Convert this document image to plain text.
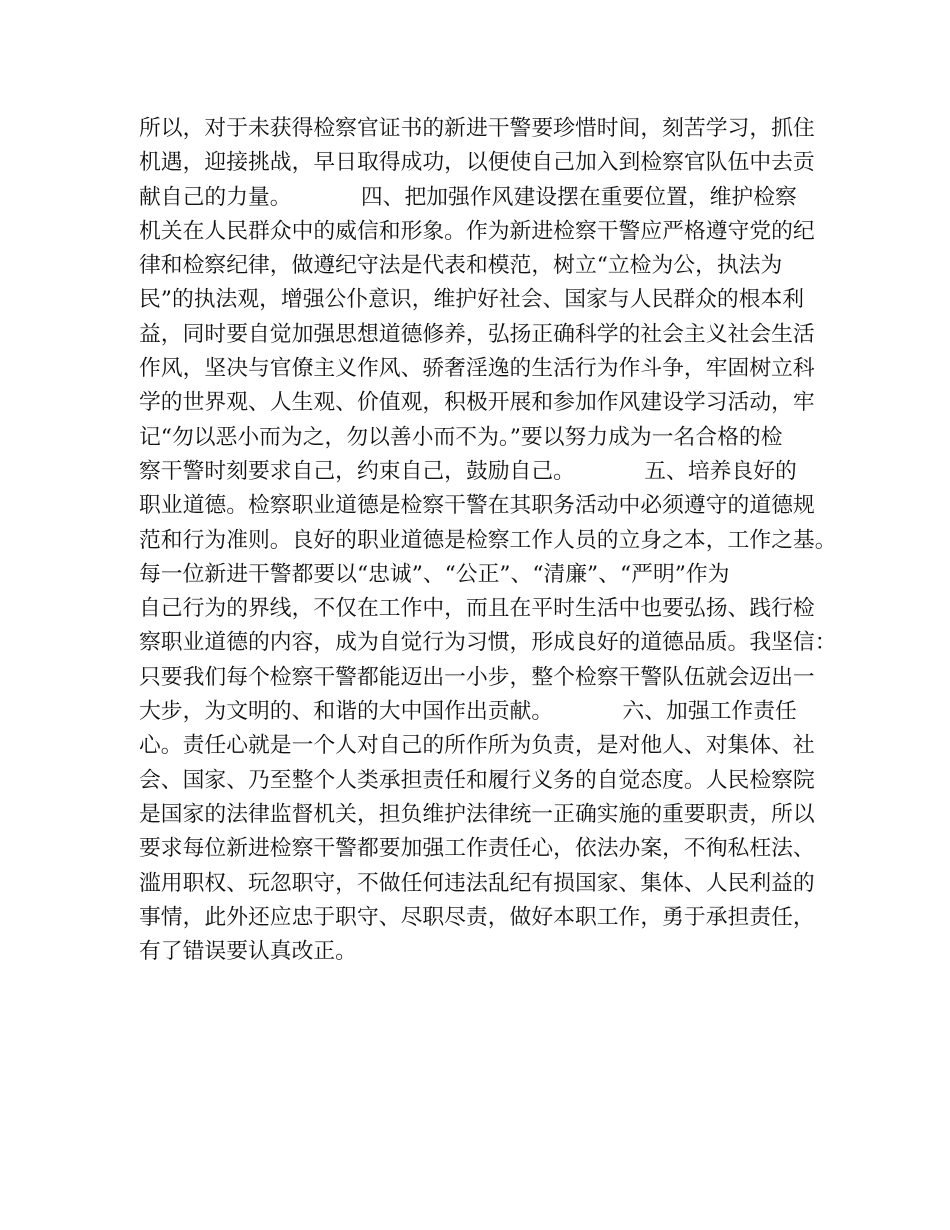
所以，对于未获得检察官证书的新进干警要珍惜时间，刻苦学习，抓住
机遇，迎接挑战，早日取得成功，以便使自己加入到检察官队伍中去贡
献自己的力量。          四、把加强作风建设摆在重要位置，维护检察
机关在人民群众中的威信和形象。作为新进检察干警应严格遵守党的纪
律和检察纪律，做遵纪守法是代表和模范，树立“立检为公，执法为
民”的执法观，增强公仆意识，维护好社会、国家与人民群众的根本利
益，同时要自觉加强思想道德修养，弘扬正确科学的社会主义社会生活
作风，坚决与官僚主义作风、骄奢淫逸的生活行为作斗争，牢固树立科
学的世界观、人生观、价值观，积极开展和参加作风建设学习活动，牢
记“勿以恶小而为之，勿以善小而不为。”要以努力成为一名合格的检
察干警时刻要求自己，约束自己，鼓励自己。          五、培养良好的
职业道德。检察职业道德是检察干警在其职务活动中必须遵守的道德规
范和行为准则。良好的职业道德是检察工作人员的立身之本，工作之基。
每一位新进干警都要以“忠诚”、“公正”、“清廉”、“严明”作为
自己行为的界线，不仅在工作中，而且在平时生活中也要弘扬、践行检
察职业道德的内容，成为自觉行为习惯，形成良好的道德品质。我坚信：
只要我们每个检察干警都能迈出一小步，整个检察干警队伍就会迈出一
大步，为文明的、和谐的大中国作出贡献。          六、加强工作责任
心。责任心就是一个人对自己的所作所为负责，是对他人、对集体、社
会、国家、乃至整个人类承担责任和履行义务的自觉态度。人民检察院
是国家的法律监督机关，担负维护法律统一正确实施的重要职责，所以
要求每位新进检察干警都要加强工作责任心，依法办案，不徇私枉法、
滥用职权、玩忽职守，不做任何违法乱纪有损国家、集体、人民利益的
事情，此外还应忠于职守、尽职尽责，做好本职工作，勇于承担责任，
有了错误要认真改正。
